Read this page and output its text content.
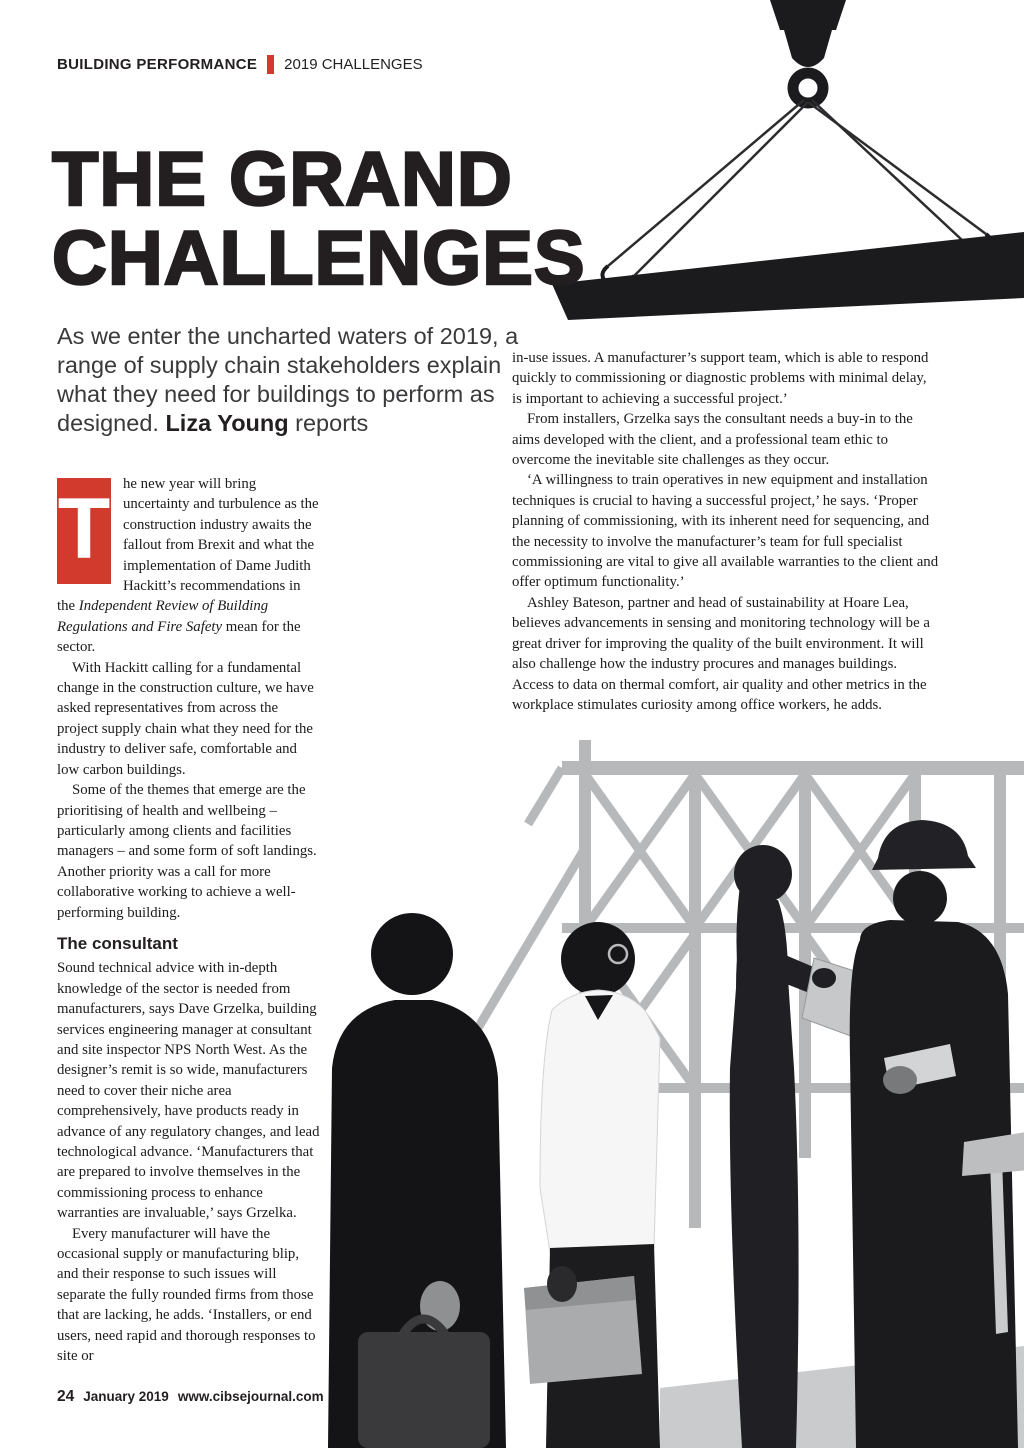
BUILDING PERFORMANCE 2019 CHALLENGES
THE GRAND
CHALLENGES

As we enter the uncharted waters of 2019, a range of supply chain stakeholders explain what they need for buildings to perform as designed. Liza Young reports

T he new year will bring uncertainty and turbulence as the construction industry awaits the fallout from Brexit and what the implementation of Dame Judith Hackitt’s recommendations in the Independent Review of Building Regulations and Fire Safety mean for the sector.

With Hackitt calling for a fundamental change in the construction culture, we have asked representatives from across the project supply chain what they need for the industry to deliver safe, comfortable and low carbon buildings.

Some of the themes that emerge are the prioritising of health and wellbeing – particularly among clients and facilities managers – and some form of soft landings. Another priority was a call for more collaborative working to achieve a well-performing building.

The consultant

Sound technical advice with in-depth knowledge of the sector is needed from manufacturers, says Dave Grzelka, building services engineering manager at consultant and site inspector NPS North West. As the designer’s remit is so wide, manufacturers need to cover their niche area comprehensively, have products ready in advance of any regulatory changes, and lead technological advance. ‘Manufacturers that are prepared to involve themselves in the commissioning process to enhance warranties are invaluable,’ says Grzelka.

Every manufacturer will have the occasional supply or manufacturing blip, and their response to such issues will separate the fully rounded firms from those that are lacking, he adds. ‘Installers, or end users, need rapid and thorough responses to site or

in-use issues. A manufacturer’s support team, which is able to respond quickly to commissioning or diagnostic problems with minimal delay, is important to achieving a successful project.’

From installers, Grzelka says the consultant needs a buy-in to the aims developed with the client, and a professional team ethic to overcome the inevitable site challenges as they occur.

‘A willingness to train operatives in new equipment and installation techniques is crucial to having a successful project,’ he says. ‘Proper planning of commissioning, with its inherent need for sequencing, and the necessity to involve the manufacturer’s team for full specialist commissioning are vital to give all available warranties to the client and offer optimum functionality.’

Ashley Bateson, partner and head of sustainability at Hoare Lea, believes advancements in sensing and monitoring technology will be a great driver for improving the quality of the built environment. It will also challenge how the industry procures and manages buildings. Access to data on thermal comfort, air quality and other metrics in the workplace stimulates curiosity among office workers, he adds.

24 January 2019 www.cibsejournal.com
